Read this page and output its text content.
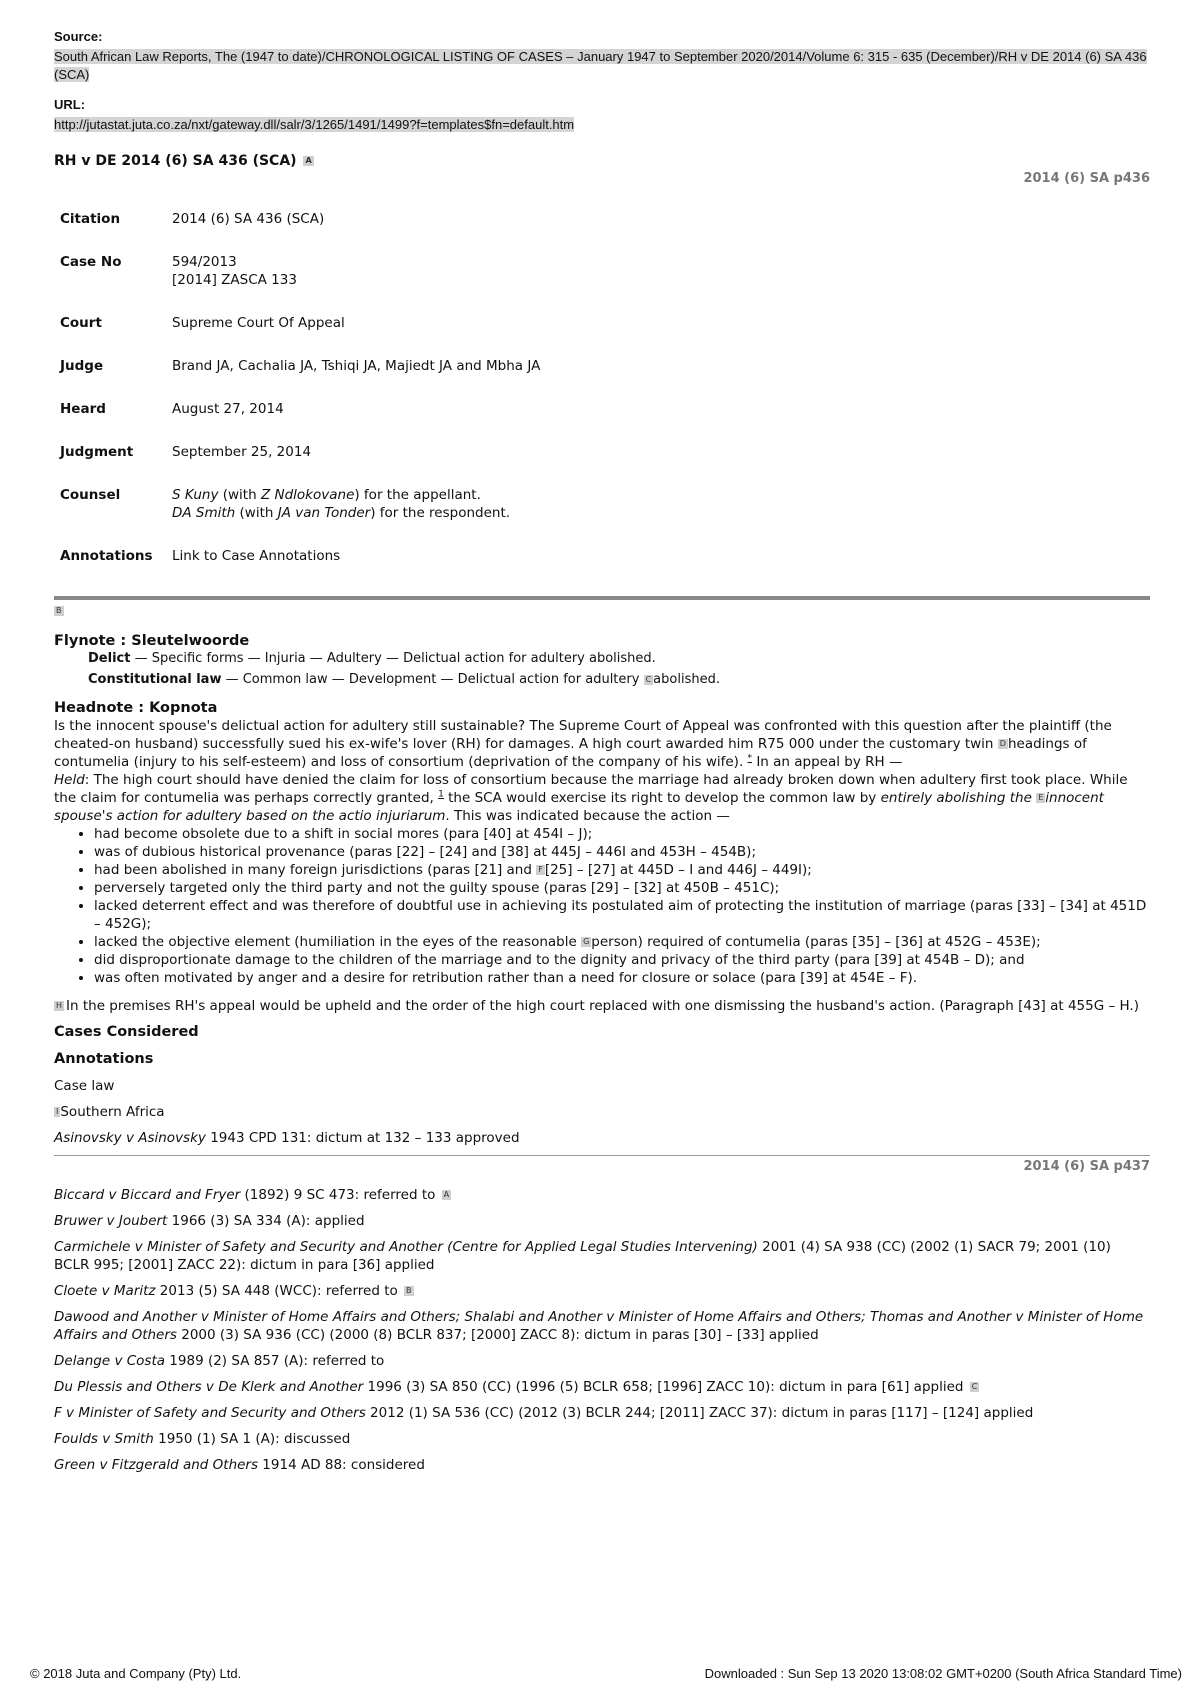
Source:
South African Law Reports, The (1947 to date)/CHRONOLOGICAL LISTING OF CASES – January 1947 to September 2020/2014/Volume 6: 315 - 635 (December)/RH v DE 2014 (6) SA 436 (SCA)
URL:
http://jutastat.juta.co.za/nxt/gateway.dll/salr/3/1265/1491/1499?f=templates$fn=default.htm
RH v DE 2014 (6) SA 436 (SCA) A
2014 (6) SA p436
Citation	2014 (6) SA 436 (SCA)
Case No	594/2013
[2014] ZASCA 133
Court	Supreme Court Of Appeal
Judge	Brand JA, Cachalia JA, Tshiqi JA, Majiedt JA and Mbha JA
Heard	August 27, 2014
Judgment	September 25, 2014
Counsel	S Kuny (with Z Ndlokovane) for the appellant.
DA Smith (with JA van Tonder) for the respondent.
Annotations	Link to Case Annotations
B
Flynote : Sleutelwoorde
Delict — Specific forms — Injuria — Adultery — Delictual action for adultery abolished.
Constitutional law — Common law — Development — Delictual action for adultery C abolished.
Headnote : Kopnota

Is the innocent spouse's delictual action for adultery still sustainable? The Supreme Court of Appeal was confronted with this question after the plaintiff (the cheated-on husband) successfully sued his ex-wife's lover (RH) for damages. A high court awarded him R75 000 under the customary twin D headings of contumelia (injury to his self-esteem) and loss of consortium (deprivation of the company of his wife). * In an appeal by RH —

Held: The high court should have denied the claim for loss of consortium because the marriage had already broken down when adultery first took place. While the claim for contumelia was perhaps correctly granted, $^1$ the SCA would exercise its right to develop the common law by entirely abolishing the E innocent spouse's action for adultery based on the actio injuriarum. This was indicated because the action —

• had become obsolete due to a shift in social mores (para [40] at 454I – J);
• was of dubious historical provenance (paras [22] – [24] and [38] at 445J – 446I and 453H – 454B);
• had been abolished in many foreign jurisdictions (paras [21] and F [25] – [27] at 445D – I and 446J – 449I);
• perversely targeted only the third party and not the guilty spouse (paras [29] – [32] at 450B – 451C);
• lacked deterrent effect and was therefore of doubtful use in achieving its postulated aim of protecting the institution of marriage (paras [33] – [34] at 451D – 452G);
• lacked the objective element (humiliation in the eyes of the reasonable G person) required of contumelia (paras [35] – [36] at 452G – 453E);
• did disproportionate damage to the children of the marriage and to the dignity and privacy of the third party (para [39] at 454B – D); and
• was often motivated by anger and a desire for retribution rather than a need for closure or solace (para [39] at 454E – F).

H In the premises RH's appeal would be upheld and the order of the high court replaced with one dismissing the husband's action. (Paragraph [43] at 455G – H.)

Cases Considered
Annotations
Case law
I Southern Africa
Asinovsky v Asinovsky 1943 CPD 131: dictum at 132 – 133 approved
2014 (6) SA p437
Biccard v Biccard and Fryer (1892) 9 SC 473: referred to A
Bruwer v Joubert 1966 (3) SA 334 (A): applied
Carmichele v Minister of Safety and Security and Another (Centre for Applied Legal Studies Intervening) 2001 (4) SA 938 (CC) (2002 (1) SACR 79; 2001 (10) BCLR 995; [2001] ZACC 22): dictum in para [36] applied
Cloete v Maritz 2013 (5) SA 448 (WCC): referred to B
Dawood and Another v Minister of Home Affairs and Others; Shalabi and Another v Minister of Home Affairs and Others; Thomas and Another v Minister of Home Affairs and Others 2000 (3) SA 936 (CC) (2000 (8) BCLR 837; [2000] ZACC 8): dictum in paras [30] – [33] applied
Delange v Costa 1989 (2) SA 857 (A): referred to
Du Plessis and Others v De Klerk and Another 1996 (3) SA 850 (CC) (1996 (5) BCLR 658; [1996] ZACC 10): dictum in para [61] applied C
F v Minister of Safety and Security and Others 2012 (1) SA 536 (CC) (2012 (3) BCLR 244; [2011] ZACC 37): dictum in paras [117] – [124] applied
Foulds v Smith 1950 (1) SA 1 (A): discussed
Green v Fitzgerald and Others 1914 AD 88: considered
© 2018 Juta and Company (Pty) Ltd.	Downloaded : Sun Sep 13 2020 13:08:02 GMT+0200 (South Africa Standard Time)
